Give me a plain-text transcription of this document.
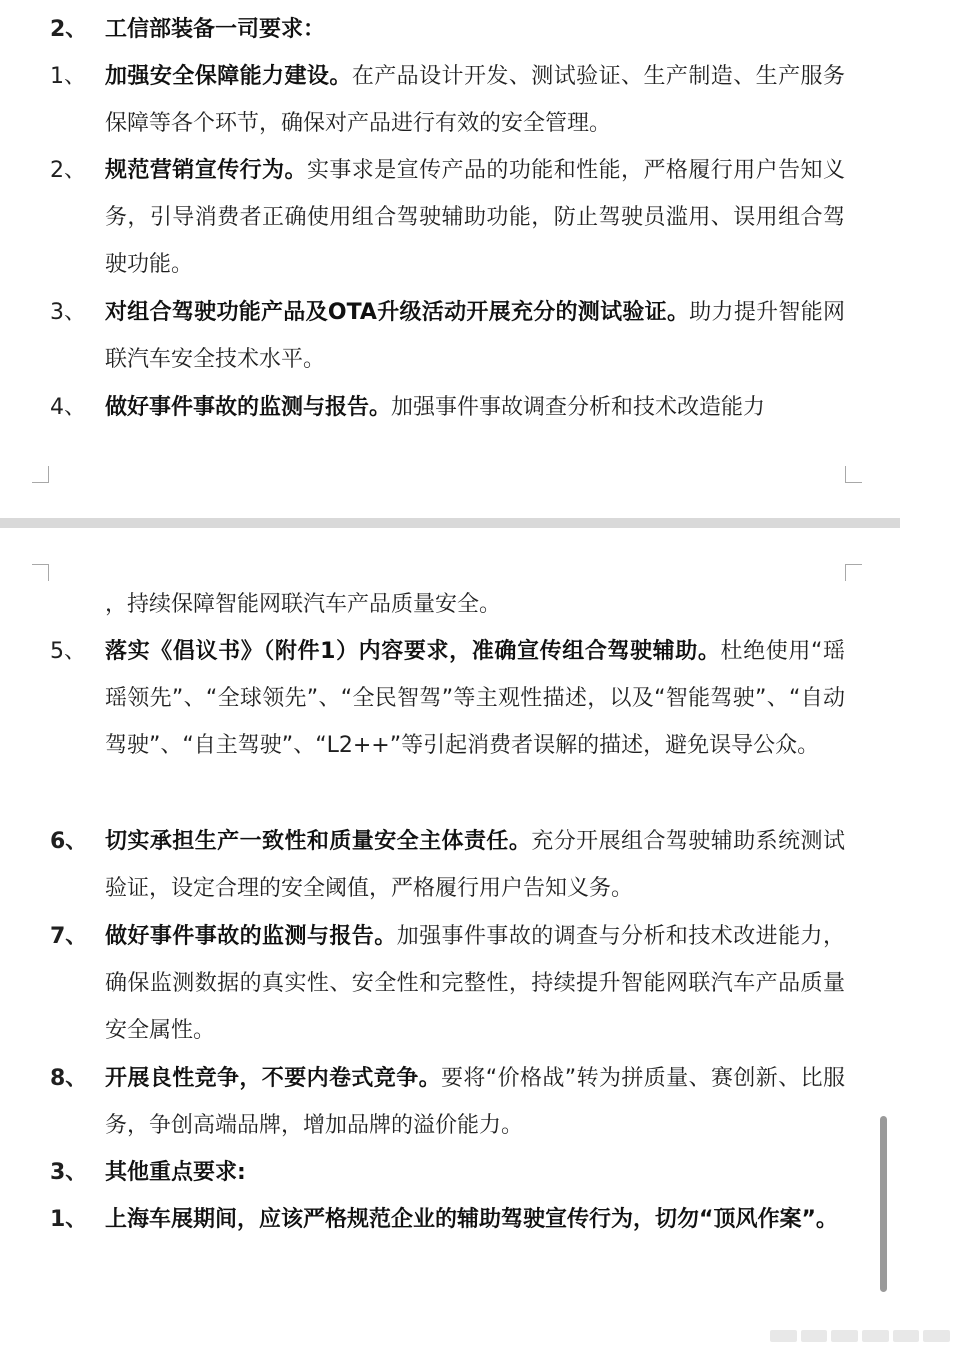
2、 工信部装备一司要求：
1、 加强安全保障能力建设。在产品设计开发、测试验证、生产制造、生产服务保障等各个环节，确保对产品进行有效的安全管理。
2、 规范营销宣传行为。实事求是宣传产品的功能和性能，严格履行用户告知义务，引导消费者正确使用组合驾驶辅助功能，防止驾驶员滥用、误用组合驾驶功能。
3、 对组合驾驶功能产品及OTA升级活动开展充分的测试验证。助力提升智能网联汽车安全技术水平。
4、 做好事件事故的监测与报告。加强事件事故调查分析和技术改造能力
，持续保障智能网联汽车产品质量安全。
5、 落实《倡议书》（附件1）内容要求，准确宣传组合驾驶辅助。杜绝使用“瑶瑶领先”、“全球领先”、“全民智驾”等主观性描述，以及“智能驾驶”、“自动驾驶”、“自主驾驶”、“L2++”等引起消费者误解的描述，避免误导公众。
6、 切实承担生产一致性和质量安全主体责任。充分开展组合驾驶辅助系统测试验证，设定合理的安全阈值，严格履行用户告知义务。
7、 做好事件事故的监测与报告。加强事件事故的调查与分析和技术改进能力，确保监测数据的真实性、安全性和完整性，持续提升智能网联汽车产品质量安全属性。
8、 开展良性竞争，不要内卷式竞争。要将“价格战”转为拼质量、赛创新、比服务，争创高端品牌，增加品牌的溢价能力。
3、 其他重点要求:
1、 上海车展期间，应该严格规范企业的辅助驾驶宣传行为，切勿“顶风作案”。
